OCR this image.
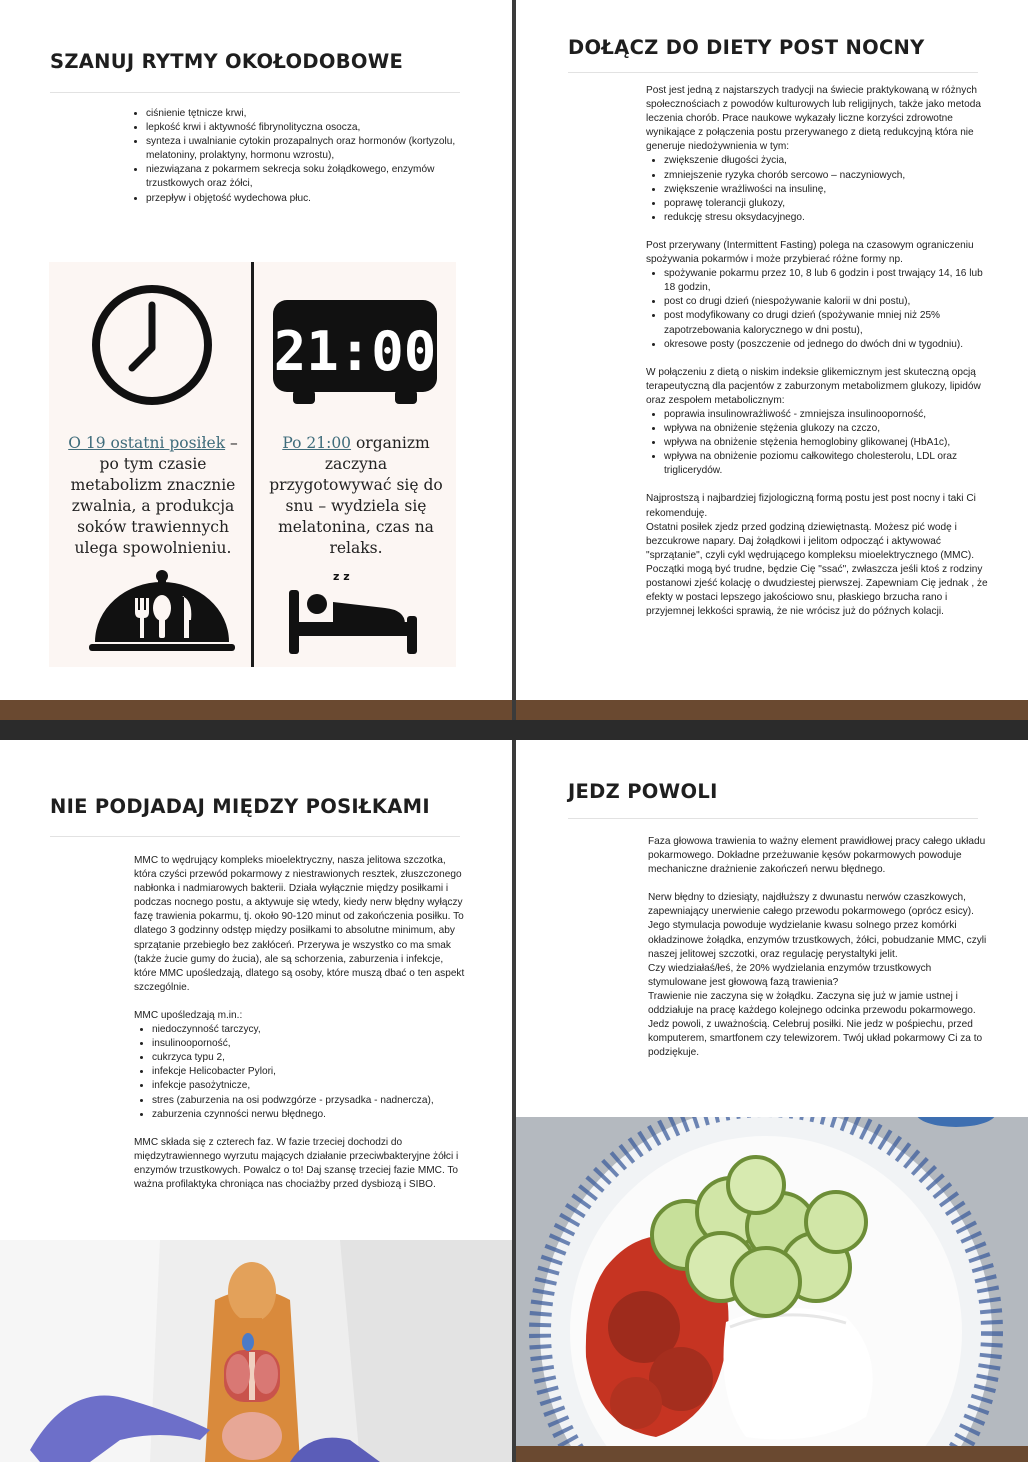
SZANUJ RYTMY OKOŁODOBOWE
• ciśnienie tętnicze krwi,
• lepkość krwi i aktywność fibrynolityczna osocza,
• synteza i uwalnianie cytokin prozapalnych oraz hormonów (kortyzolu, melatoniny, prolaktyny, hormonu wzrostu),
• niezwiązana z pokarmem sekrecja soku żołądkowego, enzymów trzustkowych oraz żółci,
• przepływ i objętość wydechowa płuc.
21:00
O 19 ostatni posiłek – po tym czasie metabolizm znacznie zwalnia, a produkcja soków trawiennych ulega spowolnieniu.
Po 21:00 organizm zaczyna przygotowywać się do snu – wydziela się melatonina, czas na relaks.
z z
DOŁĄCZ DO DIETY POST NOCNY

Post jest jedną z najstarszych tradycji na świecie praktykowaną w różnych społecznościach z powodów kulturowych lub religijnych, także jako metoda leczenia chorób. Prace naukowe wykazały liczne korzyści zdrowotne wynikające z połączenia postu przerywanego z dietą redukcyjną która nie generuje niedożywnienia w tym:

• zwiększenie długości życia,
• zmniejszenie ryzyka chorób sercowo – naczyniowych,
• zwiększenie wrażliwości na insulinę,
• poprawę tolerancji glukozy,
• redukcję stresu oksydacyjnego.

Post przerywany (Intermittent Fasting) polega na czasowym ograniczeniu spożywania pokarmów i może przybierać różne formy np.

• spożywanie pokarmu przez 10, 8 lub 6 godzin i post trwający 14, 16 lub 18 godzin,
• post co drugi dzień (niespożywanie kalorii w dni postu),
• post modyfikowany co drugi dzień (spożywanie mniej niż 25% zapotrzebowania kalorycznego w dni postu),
• okresowe posty (poszczenie od jednego do dwóch dni w tygodniu).

W połączeniu z dietą o niskim indeksie glikemicznym jest skuteczną opcją terapeutyczną dla pacjentów z zaburzonym metabolizmem glukozy, lipidów oraz zespołem metabolicznym:

• poprawia insulinowrażliwość - zmniejsza insulinooporność,
• wpływa na obniżenie stężenia glukozy na czczo,
• wpływa na obniżenie stężenia hemoglobiny glikowanej (HbA1c),
• wpływa na obniżenie poziomu całkowitego cholesterolu, LDL oraz triglicerydów.

Najprostszą i najbardziej fizjologiczną formą postu jest post nocny i taki Ci rekomenduję.

Ostatni posiłek zjedz przed godziną dziewiętnastą. Możesz pić wodę i bezcukrowe napary. Daj żołądkowi i jelitom odpocząć i aktywować "sprzątanie", czyli cykl wędrującego kompleksu mioelektrycznego (MMC). Początki mogą być trudne, będzie Cię "ssać", zwłaszcza jeśli ktoś z rodziny postanowi zjeść kolację o dwudziestej pierwszej. Zapewniam Cię jednak , że efekty w postaci lepszego jakościowo snu, płaskiego brzucha rano i przyjemnej lekkości sprawią, że nie wrócisz już do późnych kolacji.

NIE PODJADAJ MIĘDZY POSIŁKAMI

MMC to wędrujący kompleks mioelektryczny, nasza jelitowa szczotka, która czyści przewód pokarmowy z niestrawionych resztek, złuszczonego nabłonka i nadmiarowych bakterii. Działa wyłącznie między posiłkami i podczas nocnego postu, a aktywuje się wtedy, kiedy nerw błędny wyłączy fazę trawienia pokarmu, tj. około 90-120 minut od zakończenia posiłku. To dlatego 3 godzinny odstęp między posiłkami to absolutne minimum, aby sprzątanie przebiegło bez zakłóceń. Przerywa je wszystko co ma smak (także żucie gumy do żucia), ale są schorzenia, zaburzenia i infekcje, które MMC upośledzają, dlatego są osoby, które muszą dbać o ten aspekt szczególnie.

MMC upośledzają m.in.:

• niedoczynność tarczycy,
• insulinooporność,
• cukrzyca typu 2,
• infekcje Helicobacter Pylori,
• infekcje pasożytnicze,
• stres (zaburzenia na osi podwzgórze - przysadka - nadnercza),
• zaburzenia czynności nerwu błędnego.

MMC składa się z czterech faz. W fazie trzeciej dochodzi do międzytrawiennego wyrzutu mających działanie przeciwbakteryjne żółci i enzymów trzustkowych. Powalcz o to! Daj szansę trzeciej fazie MMC. To ważna profilaktyka chroniąca nas chociażby przed dysbiozą i SIBO.

JEDZ POWOLI

Faza głowowa trawienia to ważny element prawidłowej pracy całego układu pokarmowego. Dokładne przeżuwanie kęsów pokarmowych powoduje mechaniczne drażnienie zakończeń nerwu błędnego.

Nerw błędny to dziesiąty, najdłuższy z dwunastu nerwów czaszkowych, zapewniający unerwienie całego przewodu pokarmowego (oprócz esicy). Jego stymulacja powoduje wydzielanie kwasu solnego przez komórki okładzinowe żołądka, enzymów trzustkowych, żółci, pobudzanie MMC, czyli naszej jelitowej szczotki, oraz regulację perystaltyki jelit.

Czy wiedziałaś/łeś, że 20% wydzielania enzymów trzustkowych stymulowane jest głowową fazą trawienia?

Trawienie nie zaczyna się w żołądku. Zaczyna się już w jamie ustnej i oddziałuje na pracę każdego kolejnego odcinka przewodu pokarmowego.

Jedz powoli, z uważnością. Celebruj posiłki. Nie jedz w pośpiechu, przed komputerem, smartfonem czy telewizorem. Twój układ pokarmowy Ci za to podziękuje.
